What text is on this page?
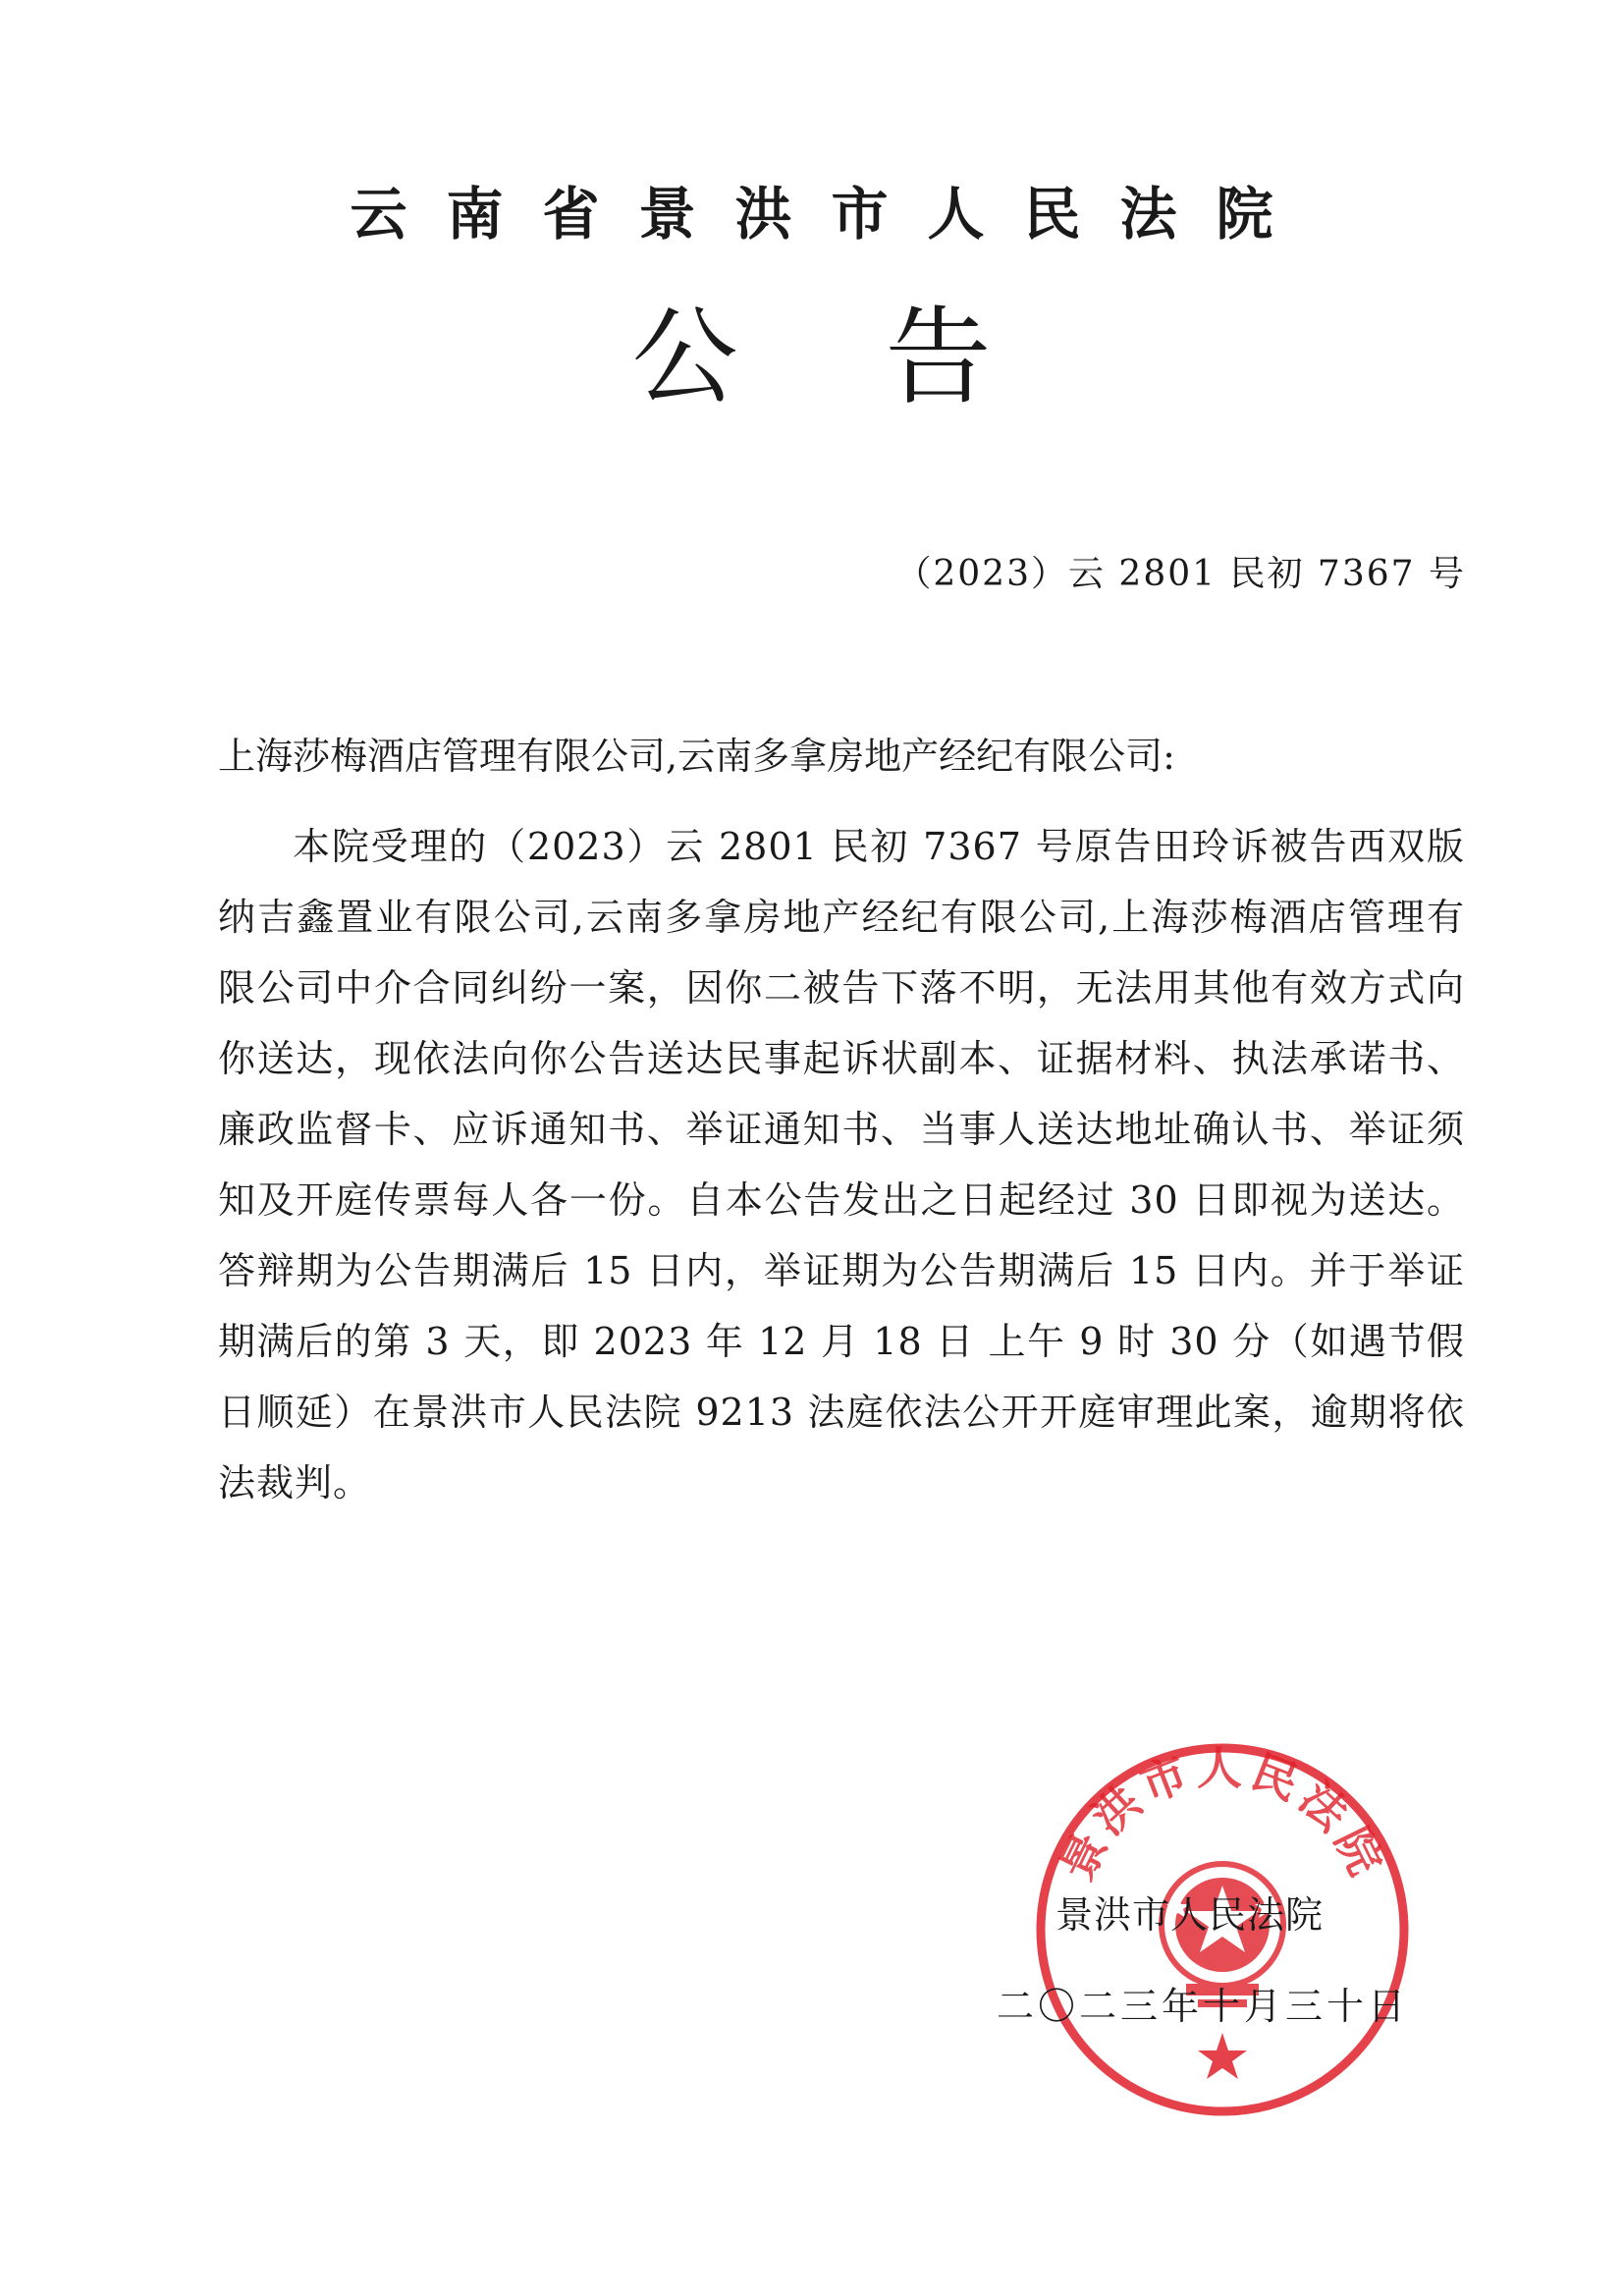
云南省景洪市人民法院
公告
（2023）云 2801 民初 7367 号
上海莎梅酒店管理有限公司,云南多拿房地产经纪有限公司:

本院受理的（2023）云 2801 民初 7367 号原告田玲诉被告西双版纳吉鑫置业有限公司,云南多拿房地产经纪有限公司,上海莎梅酒店管理有限公司中介合同纠纷一案，因你二被告下落不明，无法用其他有效方式向你送达，现依法向你公告送达民事起诉状副本、证据材料、执法承诺书、廉政监督卡、应诉通知书、举证通知书、当事人送达地址确认书、举证须知及开庭传票每人各一份。自本公告发出之日起经过 30 日即视为送达。答辩期为公告期满后 15 日内，举证期为公告期满后 15 日内。并于举证期满后的第 3 天，即 2023 年 12 月 18 日 上午 9 时 30 分（如遇节假日顺延）在景洪市人民法院 9213 法庭依法公开开庭审理此案，逾期将依法裁判。

景洪市人民法院
景洪市人民法院
二〇二三年十月三十日
